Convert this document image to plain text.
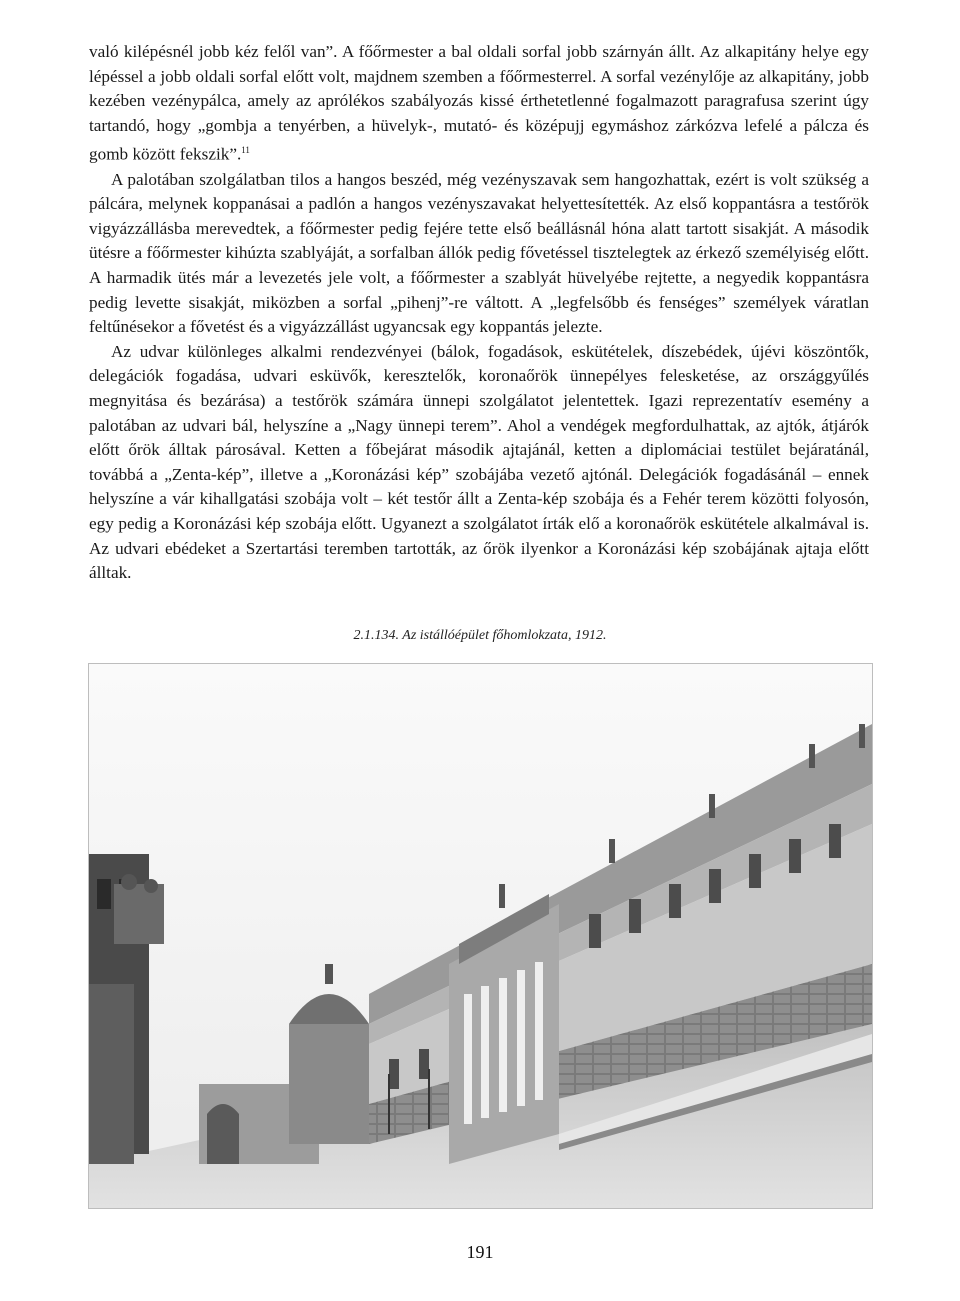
való kilépésnél jobb kéz felől van”. A főőrmester a bal oldali sorfal jobb szárnyán állt. Az alkapitány helye egy lépéssel a jobb oldali sorfal előtt volt, majdnem szemben a főőrmesterrel. A sorfal vezénylője az alkapitány, jobb kezében vezénypálca, amely az aprólékos szabályozás kissé érthetetlenné fogalmazott paragrafusa szerint úgy tartandó, hogy „gombja a tenyérben, a hüvelyk-, mutató- és középujj egymáshoz zárkózva lefelé a pálcza és gomb között fekszik”.$^{11}$

A palotában szolgálatban tilos a hangos beszéd, még vezényszavak sem hangozhattak, ezért is volt szükség a pálcára, melynek koppanásai a padlón a hangos vezényszavakat helyettesítették. Az első koppantásra a testőrök vigyázzállásba merevedtek, a főőrmester pedig fejére tette első beállásnál hóna alatt tartott sisakját. A második ütésre a főőrmester kihúzta szablyáját, a sorfalban állók pedig fővetéssel tisztelegtek az érkező személyiség előtt. A harmadik ütés már a levezetés jele volt, a főőrmester a szablyát hüvelyébe rejtette, a negyedik koppantásra pedig levette sisakját, miközben a sorfal „pihenj”-re váltott. A „legfelsőbb és fenséges” személyek váratlan feltűnésekor a fővetést és a vigyázzállást ugyancsak egy koppantás jelezte.

Az udvar különleges alkalmi rendezvényei (bálok, fogadások, eskütételek, díszebédek, újévi köszöntők, delegációk fogadása, udvari esküvők, keresztelők, koronaőrök ünnepélyes felesketése, az országgyűlés megnyitása és bezárása) a testőrök számára ünnepi szolgálatot jelentettek. Igazi reprezentatív esemény a palotában az udvari bál, helyszíne a „Nagy ünnepi terem”. Ahol a vendégek megfordulhattak, az ajtók, átjárók előtt őrök álltak párosával. Ketten a főbejárat második ajtajánál, ketten a diplomáciai testület bejáratánál, továbbá a „Zenta-kép”, illetve a „Koronázási kép” szobájába vezető ajtónál. Delegációk fogadásánál – ennek helyszíne a vár kihallgatási szobája volt – két testőr állt a Zenta-kép szobája és a Fehér terem közötti folyosón, egy pedig a Koronázási kép szobája előtt. Ugyanezt a szolgálatot írták elő a koronaőrök eskütétele alkalmával is. Az udvari ebédeket a Szertartási teremben tartották, az őrök ilyenkor a Koronázási kép szobájának ajtaja előtt álltak.

2.1.134. Az istállóépület főhomlokzata, 1912.
191
